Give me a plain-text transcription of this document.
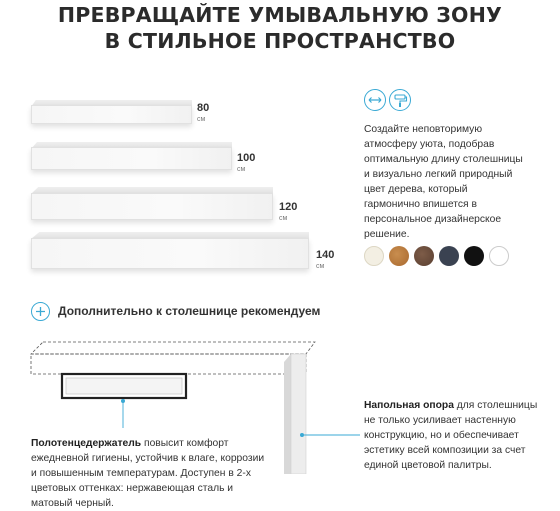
ПРЕВРАЩАЙТЕ УМЫВАЛЬНУЮ ЗОНУ
В СТИЛЬНОЕ ПРОСТРАНСТВО
80
см
100
см
120
см
140
см
Создайте неповторимую атмосферу уюта, подобрав оптимальную длину столешницы и визуально легкий природный цвет дерева, который гармонично впишется в персональное дизайнерское решение.
Дополнительно к столешнице рекомендуем
Полотенцедержатель повысит комфорт ежедневной гигиены, устойчив к влаге, коррозии и повышенным температурам. Доступен в 2-х цветовых оттенках: нержавеющая сталь и матовый черный.
Напольная опора для столешницы не только усиливает настенную конструкцию, но и обеспечивает эстетику всей композиции за счет единой цветовой палитры.
